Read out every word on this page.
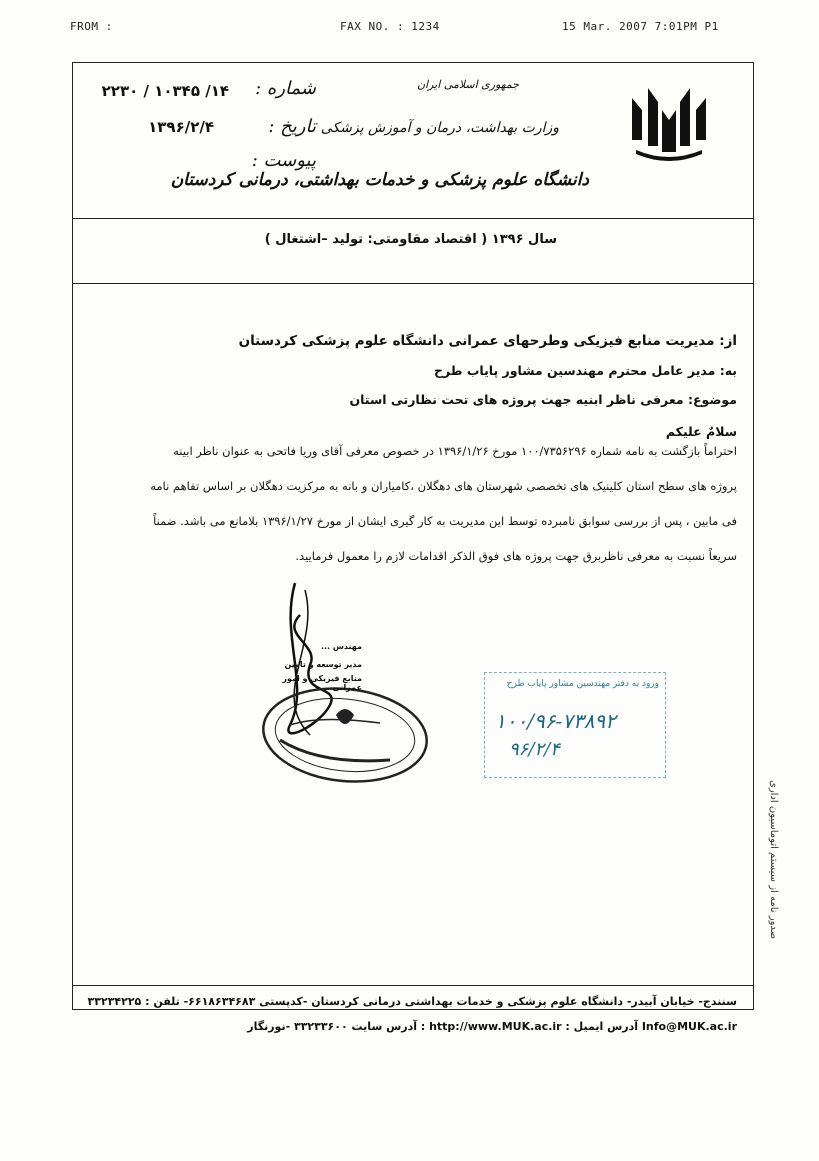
FROM :	FAX NO. : 1234	15 Mar. 2007 7:01PM P1
جمهوری اسلامی ایران
وزارت بهداشت، درمان و آموزش پزشکی
دانشگاه علوم پزشکی و خدمات بهداشتی، درمانی کردستان
شماره :
۱۴/ ۱۰۳۴۵ / ۲۲۳۰
تاریخ :
۱۳۹۶/۲/۴
پیوست :
سال ۱۳۹۶ ( اقتصاد مقاومتی: تولید –اشتغال )
از: مدیریت منابع فیزیکی وطرحهای عمرانی دانشگاه علوم پزشکی کردستان
به: مدیر عامل محترم مهندسین مشاور پایاب طرح
موضوع: معرفی ناظر ابنیه جهت پروژه های تحت نظارتی استان
سلامٌ علیکم
احتراماً بازگشت به نامه شماره ۱۰۰/۷۳۵۶۲۹۶ مورخ ۱۳۹۶/۱/۲۶ در خصوص معرفی آقای وریا فاتحی به عنوان ناظر ابینه
پروژه های سطح استان کلینیک های تخصصی شهرستان های دهگلان ،کامیاران و بانه به مرکزیت دهگلان بر اساس تفاهم نامه
فی مابین ، پس از بررسی سوابق نامبرده توسط این مدیریت به کار گیری ایشان از مورخ ۱۳۹۶/۱/۲۷ بلامانع می باشد. ضمناً
سریعاً نسبت به معرفی ناظربرق جهت پروژه های فوق الذکر اقدامات لازم را معمول فرمایید.
مهندس ...
مدیر توسعه و تامین
منابع فیزیکی و امور عمرانی	ورود به دفتر مهندسین مشاور پایاب طرح
۱۰۰/۹۶-۷۳۸۹۲
۹۶/۲/۴
صدور نامه از سیستم اتوماسیون اداری
سنندج- خیابان آبیدر- دانشگاه علوم پزشکی و خدمات بهداشتی درمانی کردستان -کدپستی ۶۶۱۸۶۳۴۶۸۳- تلفن : ۳۳۲۳۴۲۲۵
Info@MUK.ac.ir آدرس ایمیل : http://www.MUK.ac.ir : آدرس سایت ۳۳۲۳۳۶۰۰ -نورنگار
